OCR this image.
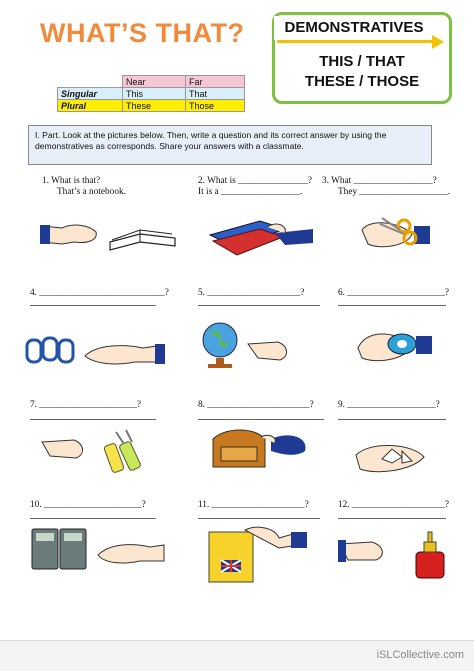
WHAT’S THAT?	DEMONSTRATIVES
THIS / THAT
THESE / THOSE
	Near	Far
Singular	This	That
Plural	These	Those
I. Part. Look at the pictures below. Then, write a question and its correct answer by using the demonstratives as corresponds. Share your answers with a classmate.
1. What is that?
That’s a notebook.
2. What is _______________?
It is a _________________.
3. What _________________?
They ___________________.
4. ___________________________?	5. ____________________?	6. _____________________?
7. _____________________?	8. ______________________?	9. ___________________?
10. _____________________?	11. ____________________?	12. ____________________?
iSLCollective.com
